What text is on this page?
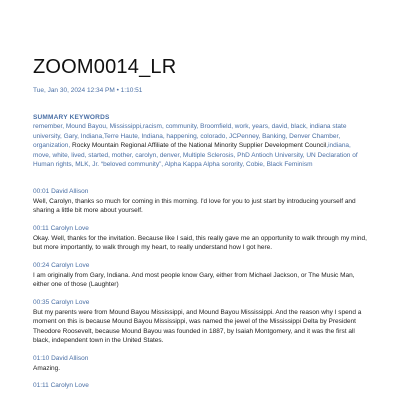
ZOOM0014_LR
Tue, Jan 30, 2024 12:34 PM • 1:10:51
SUMMARY KEYWORDS
remember, Mound Bayou, Mississippi,racism, community, Broomfield, work, years, david, black, indiana state university, Gary, Indiana,Terre Haute, Indiana, happening, colorado, JCPenney, Banking, Denver Chamber, organization, Rocky Mountain Regional Affiliate of the National Minority Supplier Development Council,indiana, move, white, lived, started, mother, carolyn, denver, Multiple Sclerosis, PhD Antioch University, UN Declaration of Human rights, MLK, Jr. “beloved community”, Alpha Kappa Alpha sorority, Cobie, Black Feminism
00:01 David Allison
Well, Carolyn, thanks so much for coming in this morning. I'd love for you to just start by introducing yourself and sharing a little bit more about yourself.
00:11 Carolyn Love
Okay. Well, thanks for the invitation. Because like I said, this really gave me an opportunity to walk through my mind, but more importantly, to walk through my heart, to really understand how I got here.
00:24 Carolyn Love
I am originally from Gary, Indiana. And most people know Gary, either from Michael Jackson, or The Music Man, either one of those (Laughter)
00:35 Carolyn Love
But my parents were from Mound Bayou Mississippi, and Mound Bayou Mississippi. And the reason why I spend a moment on this is because Mound Bayou Mississippi, was named the jewel of the Mississippi Delta by President Theodore Roosevelt, because Mound Bayou was founded in 1887, by Isaiah Montgomery, and it was the first all black, independent town in the United States.
01:10 David Allison
Amazing.
01:11 Carolyn Love
